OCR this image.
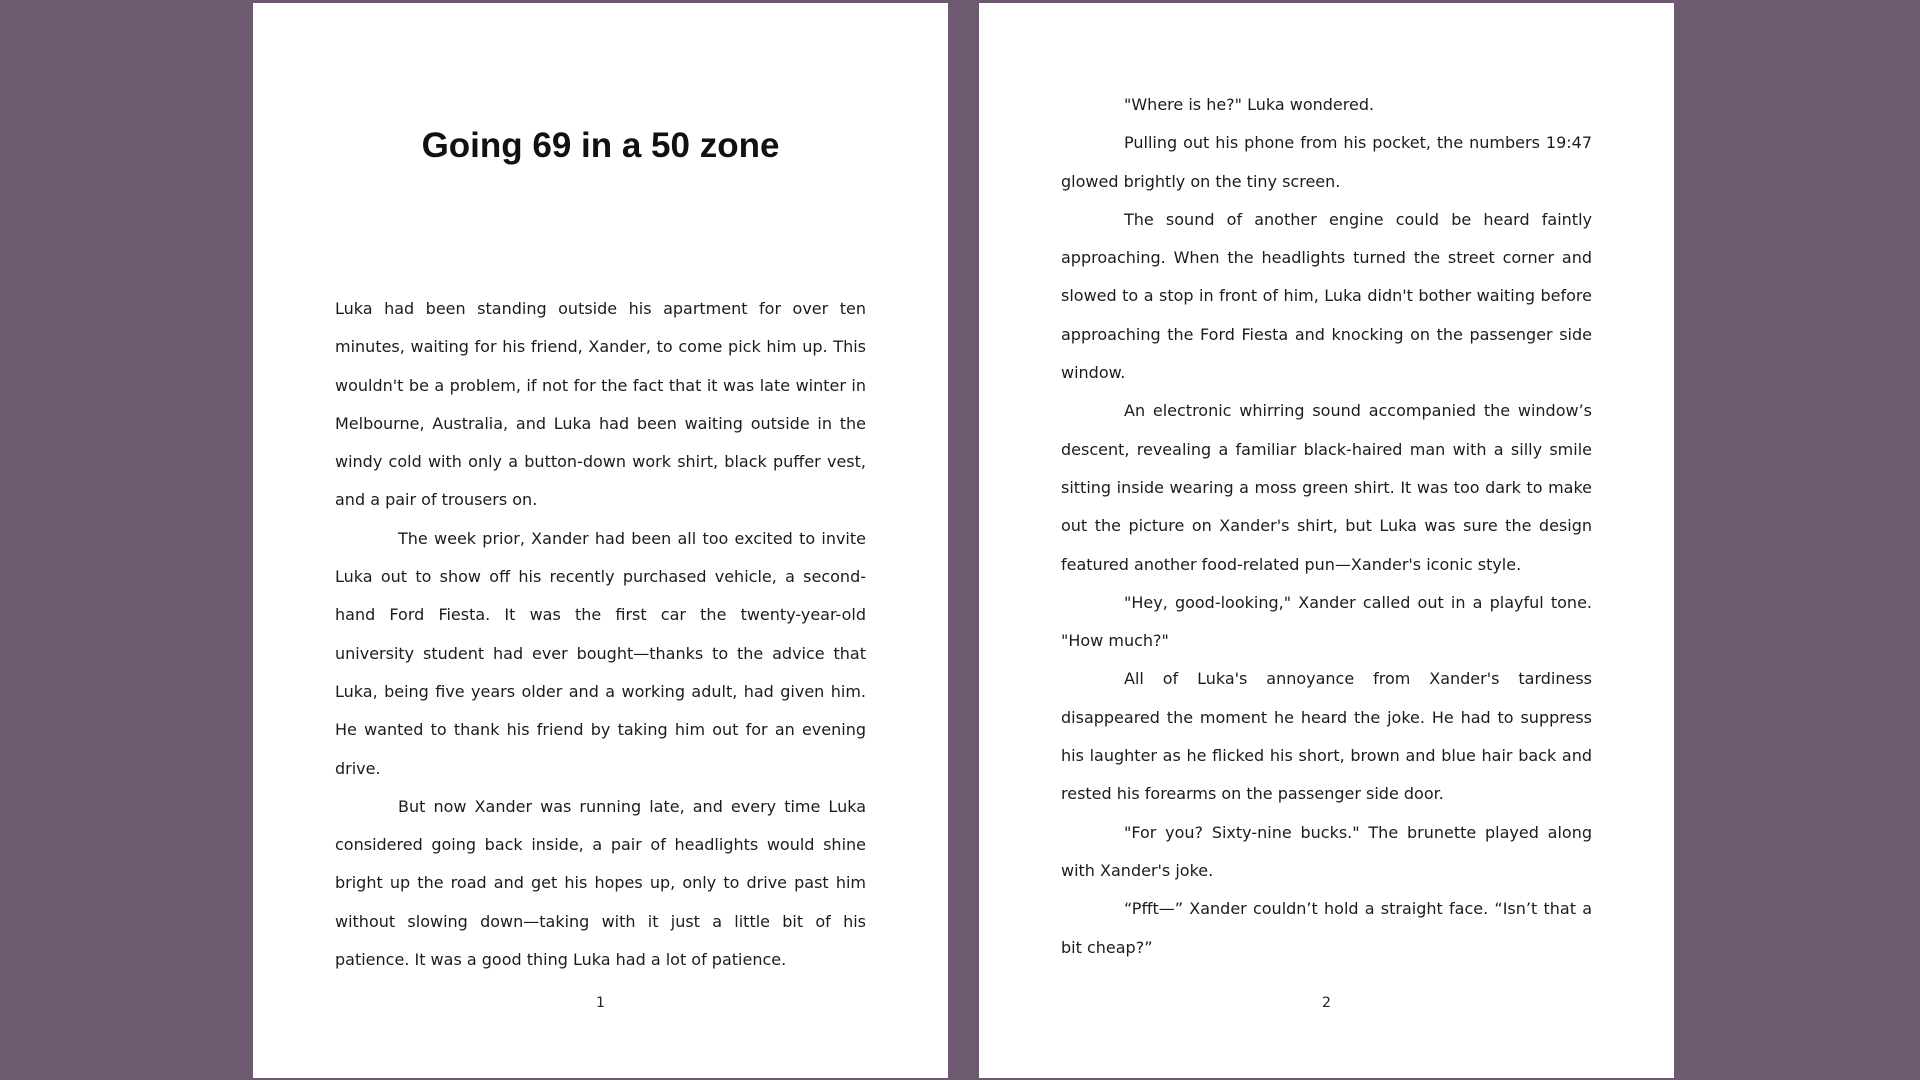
Going 69 in a 50 zone

Luka had been standing outside his apartment for over ten minutes, waiting for his friend, Xander, to come pick him up. This wouldn't be a problem, if not for the fact that it was late winter in Melbourne, Australia, and Luka had been waiting outside in the windy cold with only a button-down work shirt, black puffer vest, and a pair of trousers on.

The week prior, Xander had been all too excited to invite Luka out to show off his recently purchased vehicle, a second-hand Ford Fiesta. It was the first car the twenty-year-old university student had ever bought—thanks to the advice that Luka, being five years older and a working adult, had given him. He wanted to thank his friend by taking him out for an evening drive.

But now Xander was running late, and every time Luka considered going back inside, a pair of headlights would shine bright up the road and get his hopes up, only to drive past him without slowing down—taking with it just a little bit of his patience. It was a good thing Luka had a lot of patience.

1

"Where is he?" Luka wondered.

Pulling out his phone from his pocket, the numbers 19:47 glowed brightly on the tiny screen.

The sound of another engine could be heard faintly approaching. When the headlights turned the street corner and slowed to a stop in front of him, Luka didn't bother waiting before approaching the Ford Fiesta and knocking on the passenger side window.

An electronic whirring sound accompanied the window’s descent, revealing a familiar black-haired man with a silly smile sitting inside wearing a moss green shirt. It was too dark to make out the picture on Xander's shirt, but Luka was sure the design featured another food-related pun—Xander's iconic style.

"Hey, good-looking," Xander called out in a playful tone. "How much?"

All of Luka's annoyance from Xander's tardiness disappeared the moment he heard the joke. He had to suppress his laughter as he flicked his short, brown and blue hair back and rested his forearms on the passenger side door.

"For you? Sixty-nine bucks." The brunette played along with Xander's joke.

“Pfft—” Xander couldn’t hold a straight face. “Isn’t that a bit cheap?”

2
